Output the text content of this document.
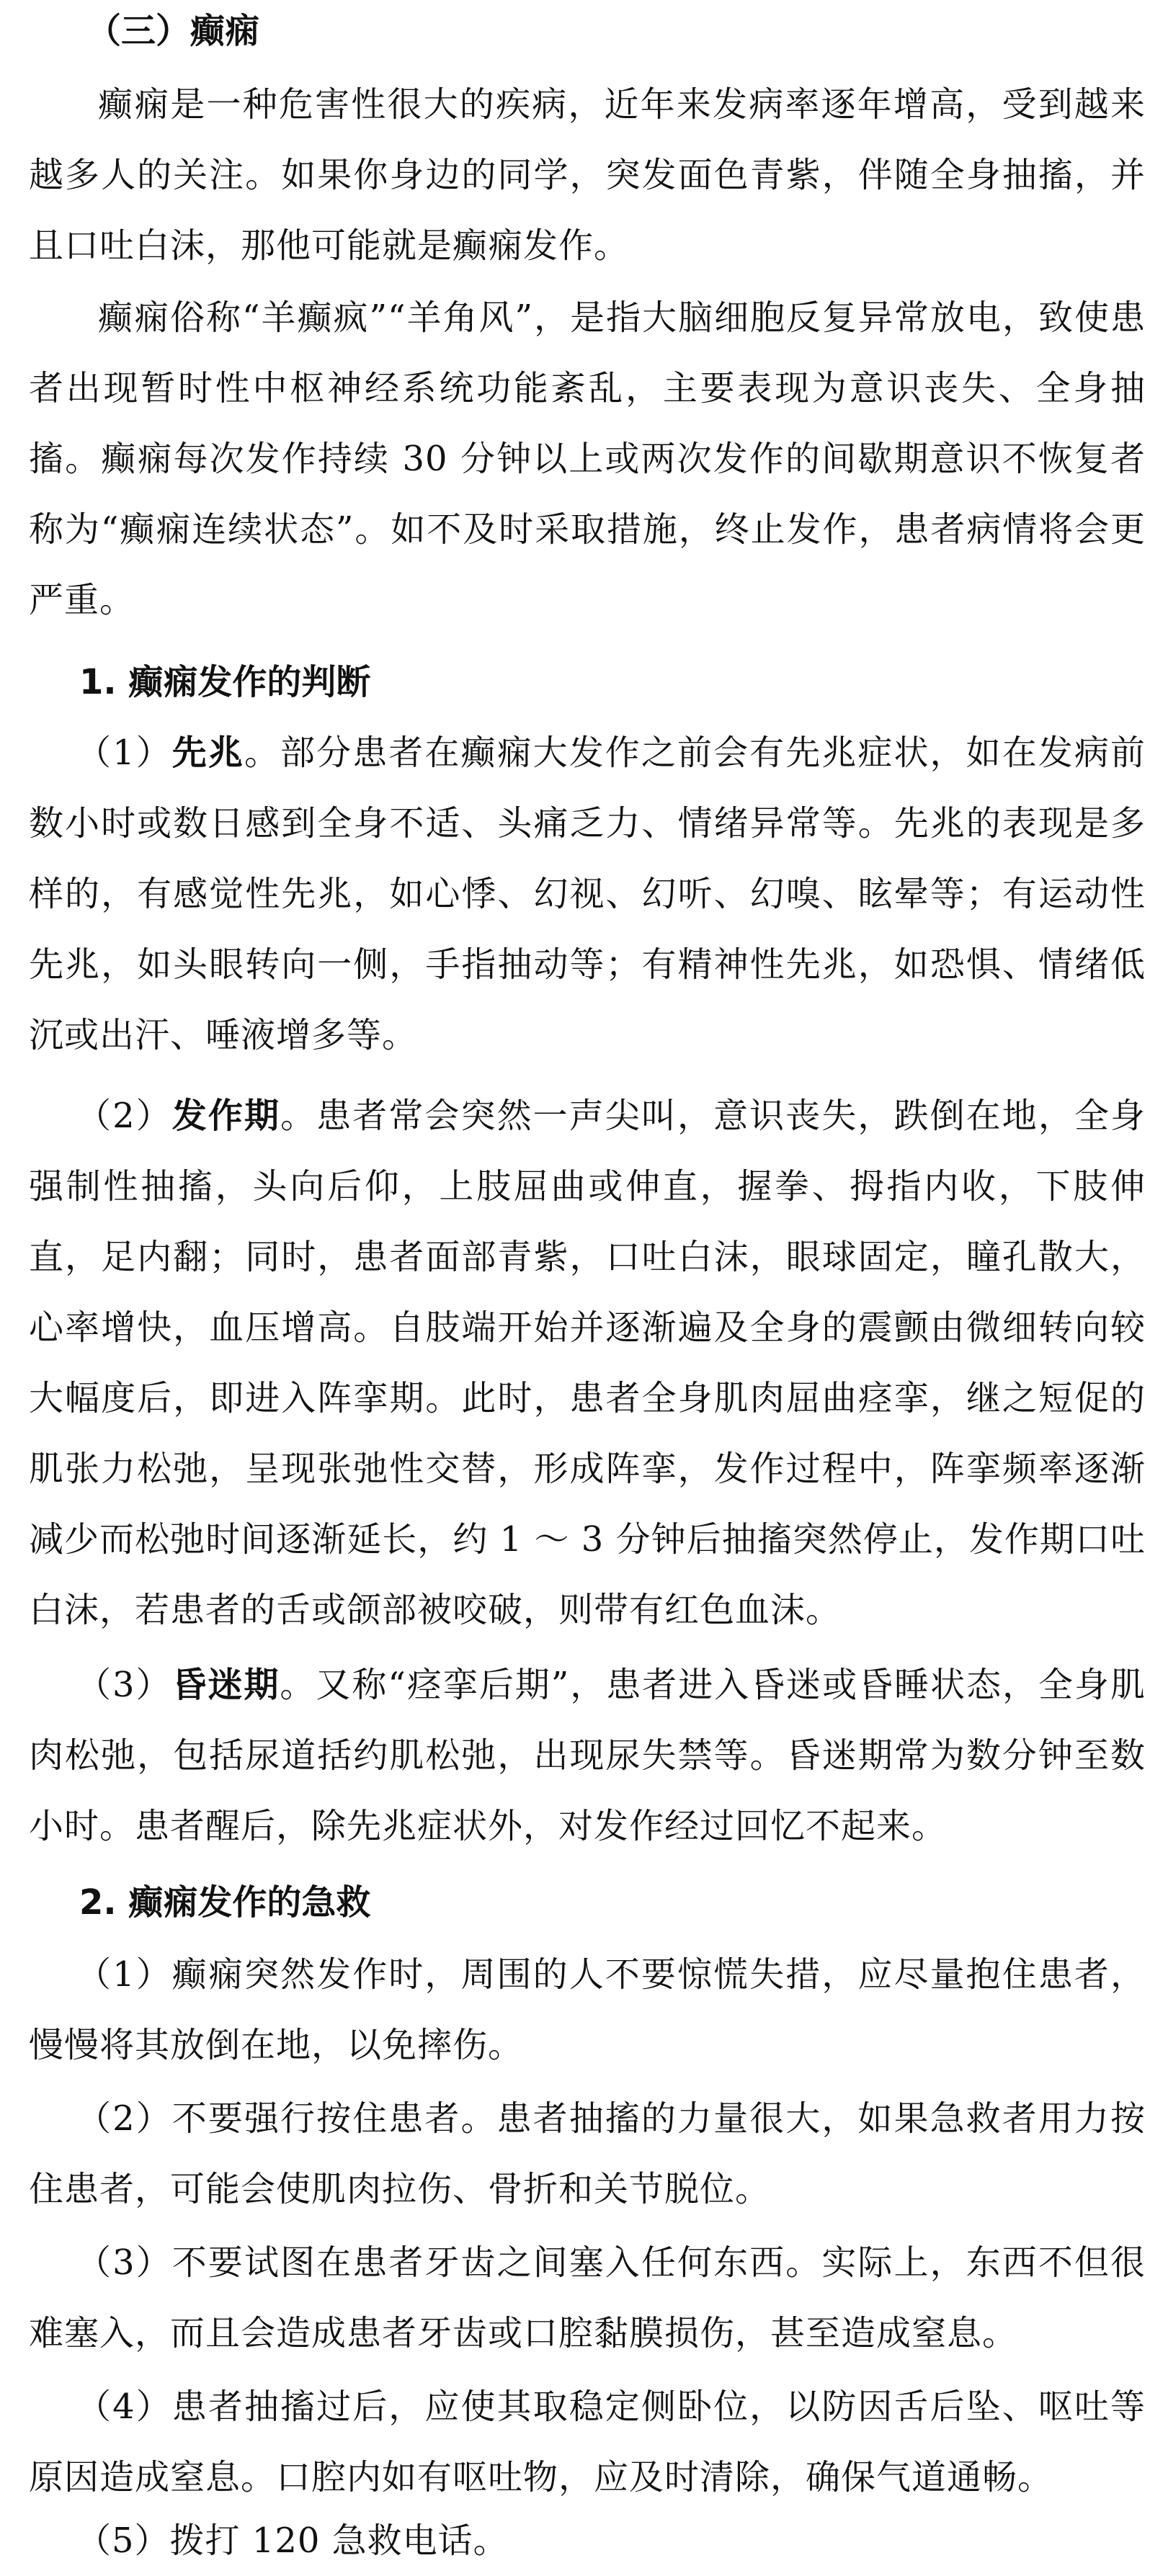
（三）癫痫
癫痫是一种危害性很大的疾病，近年来发病率逐年增高，受到越来越多人的关注。如果你身边的同学，突发面色青紫，伴随全身抽搐，并且口吐白沫，那他可能就是癫痫发作。
癫痫俗称“羊癫疯”“羊角风”，是指大脑细胞反复异常放电，致使患者出现暂时性中枢神经系统功能紊乱，主要表现为意识丧失、全身抽搐。癫痫每次发作持续 30 分钟以上或两次发作的间歇期意识不恢复者称为“癫痫连续状态”。如不及时采取措施，终止发作，患者病情将会更严重。
1. 癫痫发作的判断
（1）先兆。部分患者在癫痫大发作之前会有先兆症状，如在发病前数小时或数日感到全身不适、头痛乏力、情绪异常等。先兆的表现是多样的，有感觉性先兆，如心悸、幻视、幻听、幻嗅、眩晕等；有运动性先兆，如头眼转向一侧，手指抽动等；有精神性先兆，如恐惧、情绪低沉或出汗、唾液增多等。
（2）发作期。患者常会突然一声尖叫，意识丧失，跌倒在地，全身强制性抽搐，头向后仰，上肢屈曲或伸直，握拳、拇指内收，下肢伸直，足内翻；同时，患者面部青紫，口吐白沫，眼球固定，瞳孔散大，心率增快，血压增高。自肢端开始并逐渐遍及全身的震颤由微细转向较大幅度后，即进入阵挛期。此时，患者全身肌肉屈曲痉挛，继之短促的肌张力松弛，呈现张弛性交替，形成阵挛，发作过程中，阵挛频率逐渐减少而松弛时间逐渐延长，约 1 ～ 3 分钟后抽搐突然停止，发作期口吐白沫，若患者的舌或颌部被咬破，则带有红色血沫。
（3）昏迷期。又称“痉挛后期”，患者进入昏迷或昏睡状态，全身肌肉松弛，包括尿道括约肌松弛，出现尿失禁等。昏迷期常为数分钟至数小时。患者醒后，除先兆症状外，对发作经过回忆不起来。
2. 癫痫发作的急救
（1）癫痫突然发作时，周围的人不要惊慌失措，应尽量抱住患者，慢慢将其放倒在地，以免摔伤。
（2）不要强行按住患者。患者抽搐的力量很大，如果急救者用力按住患者，可能会使肌肉拉伤、骨折和关节脱位。
（3）不要试图在患者牙齿之间塞入任何东西。实际上，东西不但很难塞入，而且会造成患者牙齿或口腔黏膜损伤，甚至造成窒息。
（4）患者抽搐过后，应使其取稳定侧卧位，以防因舌后坠、呕吐等原因造成窒息。口腔内如有呕吐物，应及时清除，确保气道通畅。
（5）拨打 120 急救电话。
